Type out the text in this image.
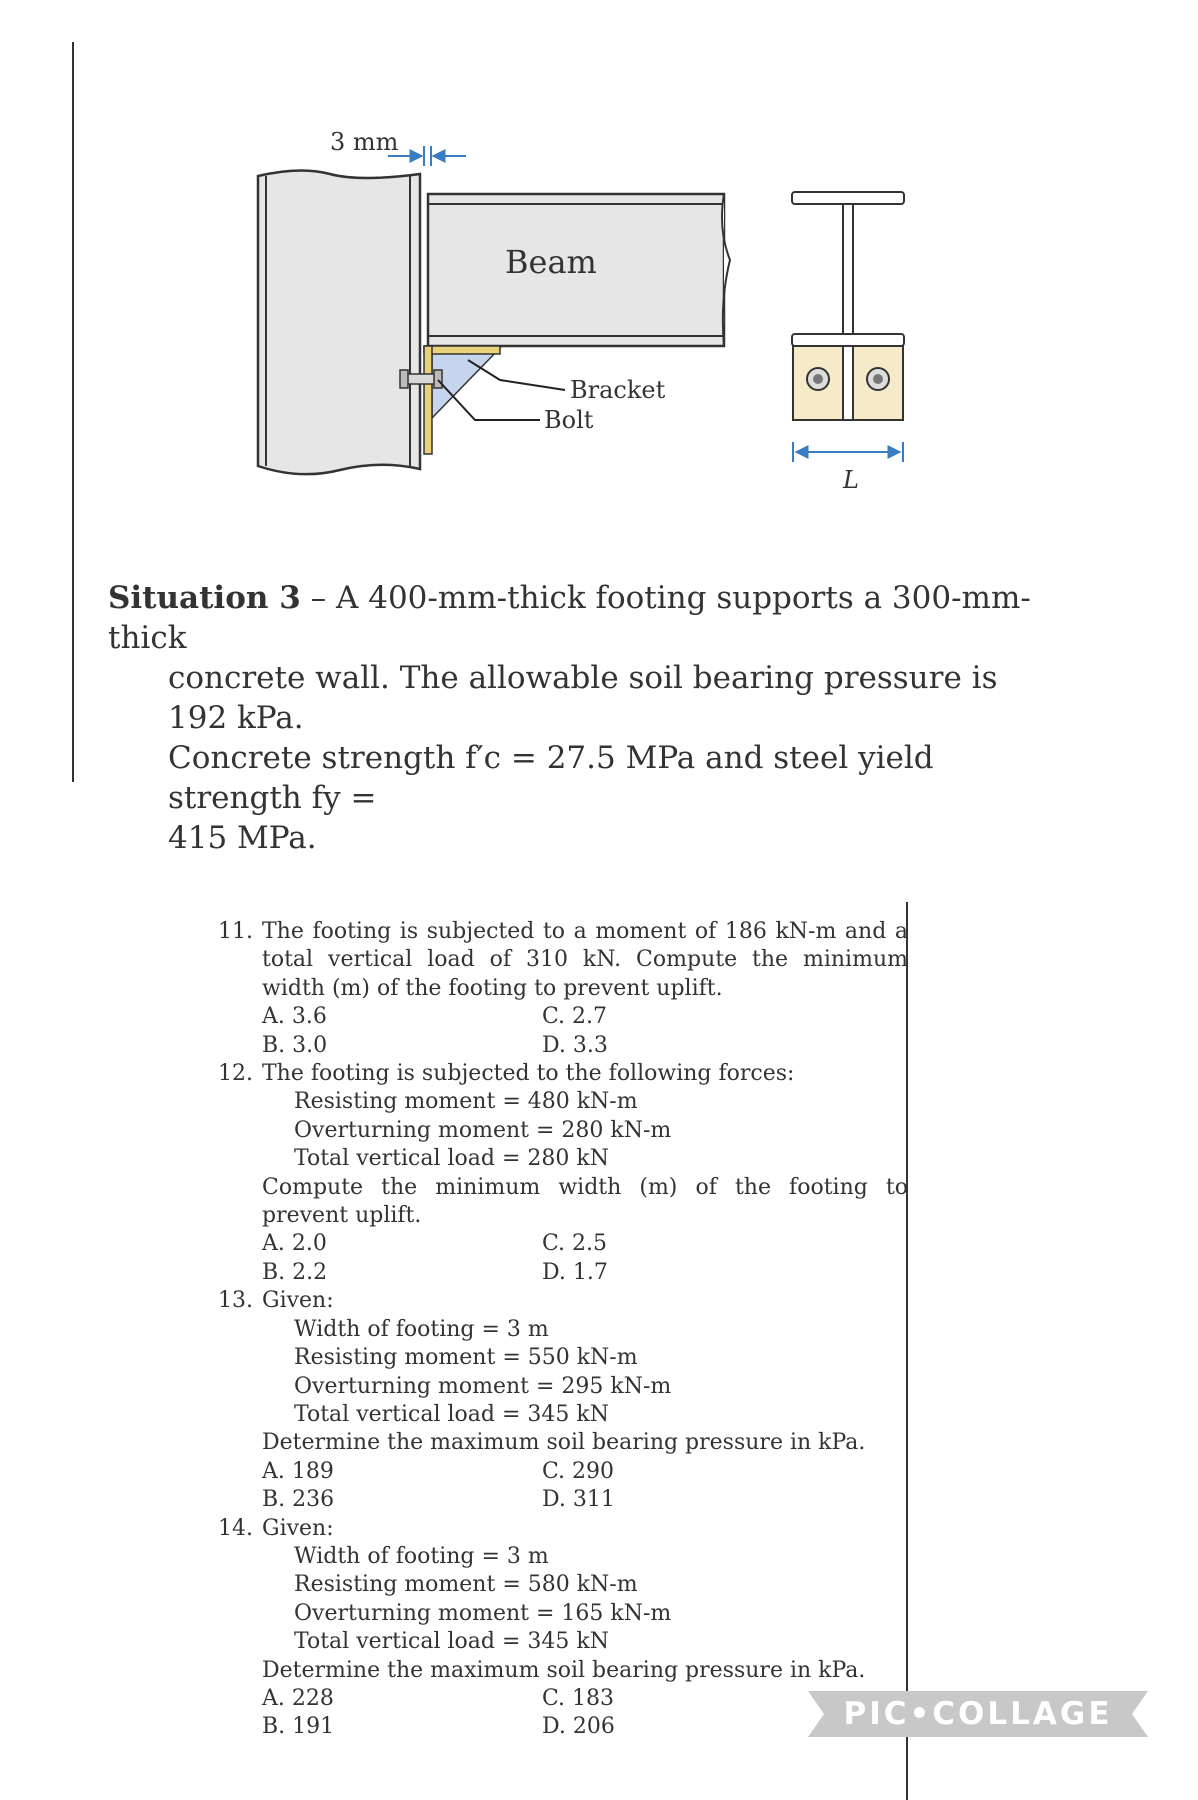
3 mm
Beam
Bracket
Bolt
L
Situation 3 – A 400-mm-thick footing supports a 300-mm-thick
concrete wall. The allowable soil bearing pressure is 192 kPa.
Concrete strength f′c = 27.5 MPa and steel yield strength fy =
415 MPa.
11. The footing is subjected to a moment of 186 kN-m and a total vertical load of 310 kN. Compute the minimum width (m) of the footing to prevent uplift.
A. 3.6	C. 2.7
B. 3.0	D. 3.3
12. The footing is subjected to the following forces:
Resisting moment = 480 kN-m
Overturning moment = 280 kN-m
Total vertical load = 280 kN
Compute the minimum width (m) of the footing to prevent uplift.
A. 2.0	C. 2.5
B. 2.2	D. 1.7
13. Given:
Width of footing = 3 m
Resisting moment = 550 kN-m
Overturning moment = 295 kN-m
Total vertical load = 345 kN
Determine the maximum soil bearing pressure in kPa.
A. 189	C. 290
B. 236	D. 311
14. Given:
Width of footing = 3 m
Resisting moment = 580 kN-m
Overturning moment = 165 kN-m
Total vertical load = 345 kN
Determine the maximum soil bearing pressure in kPa.
A. 228	C. 183
B. 191	D. 206	PIC•COLLAGE
